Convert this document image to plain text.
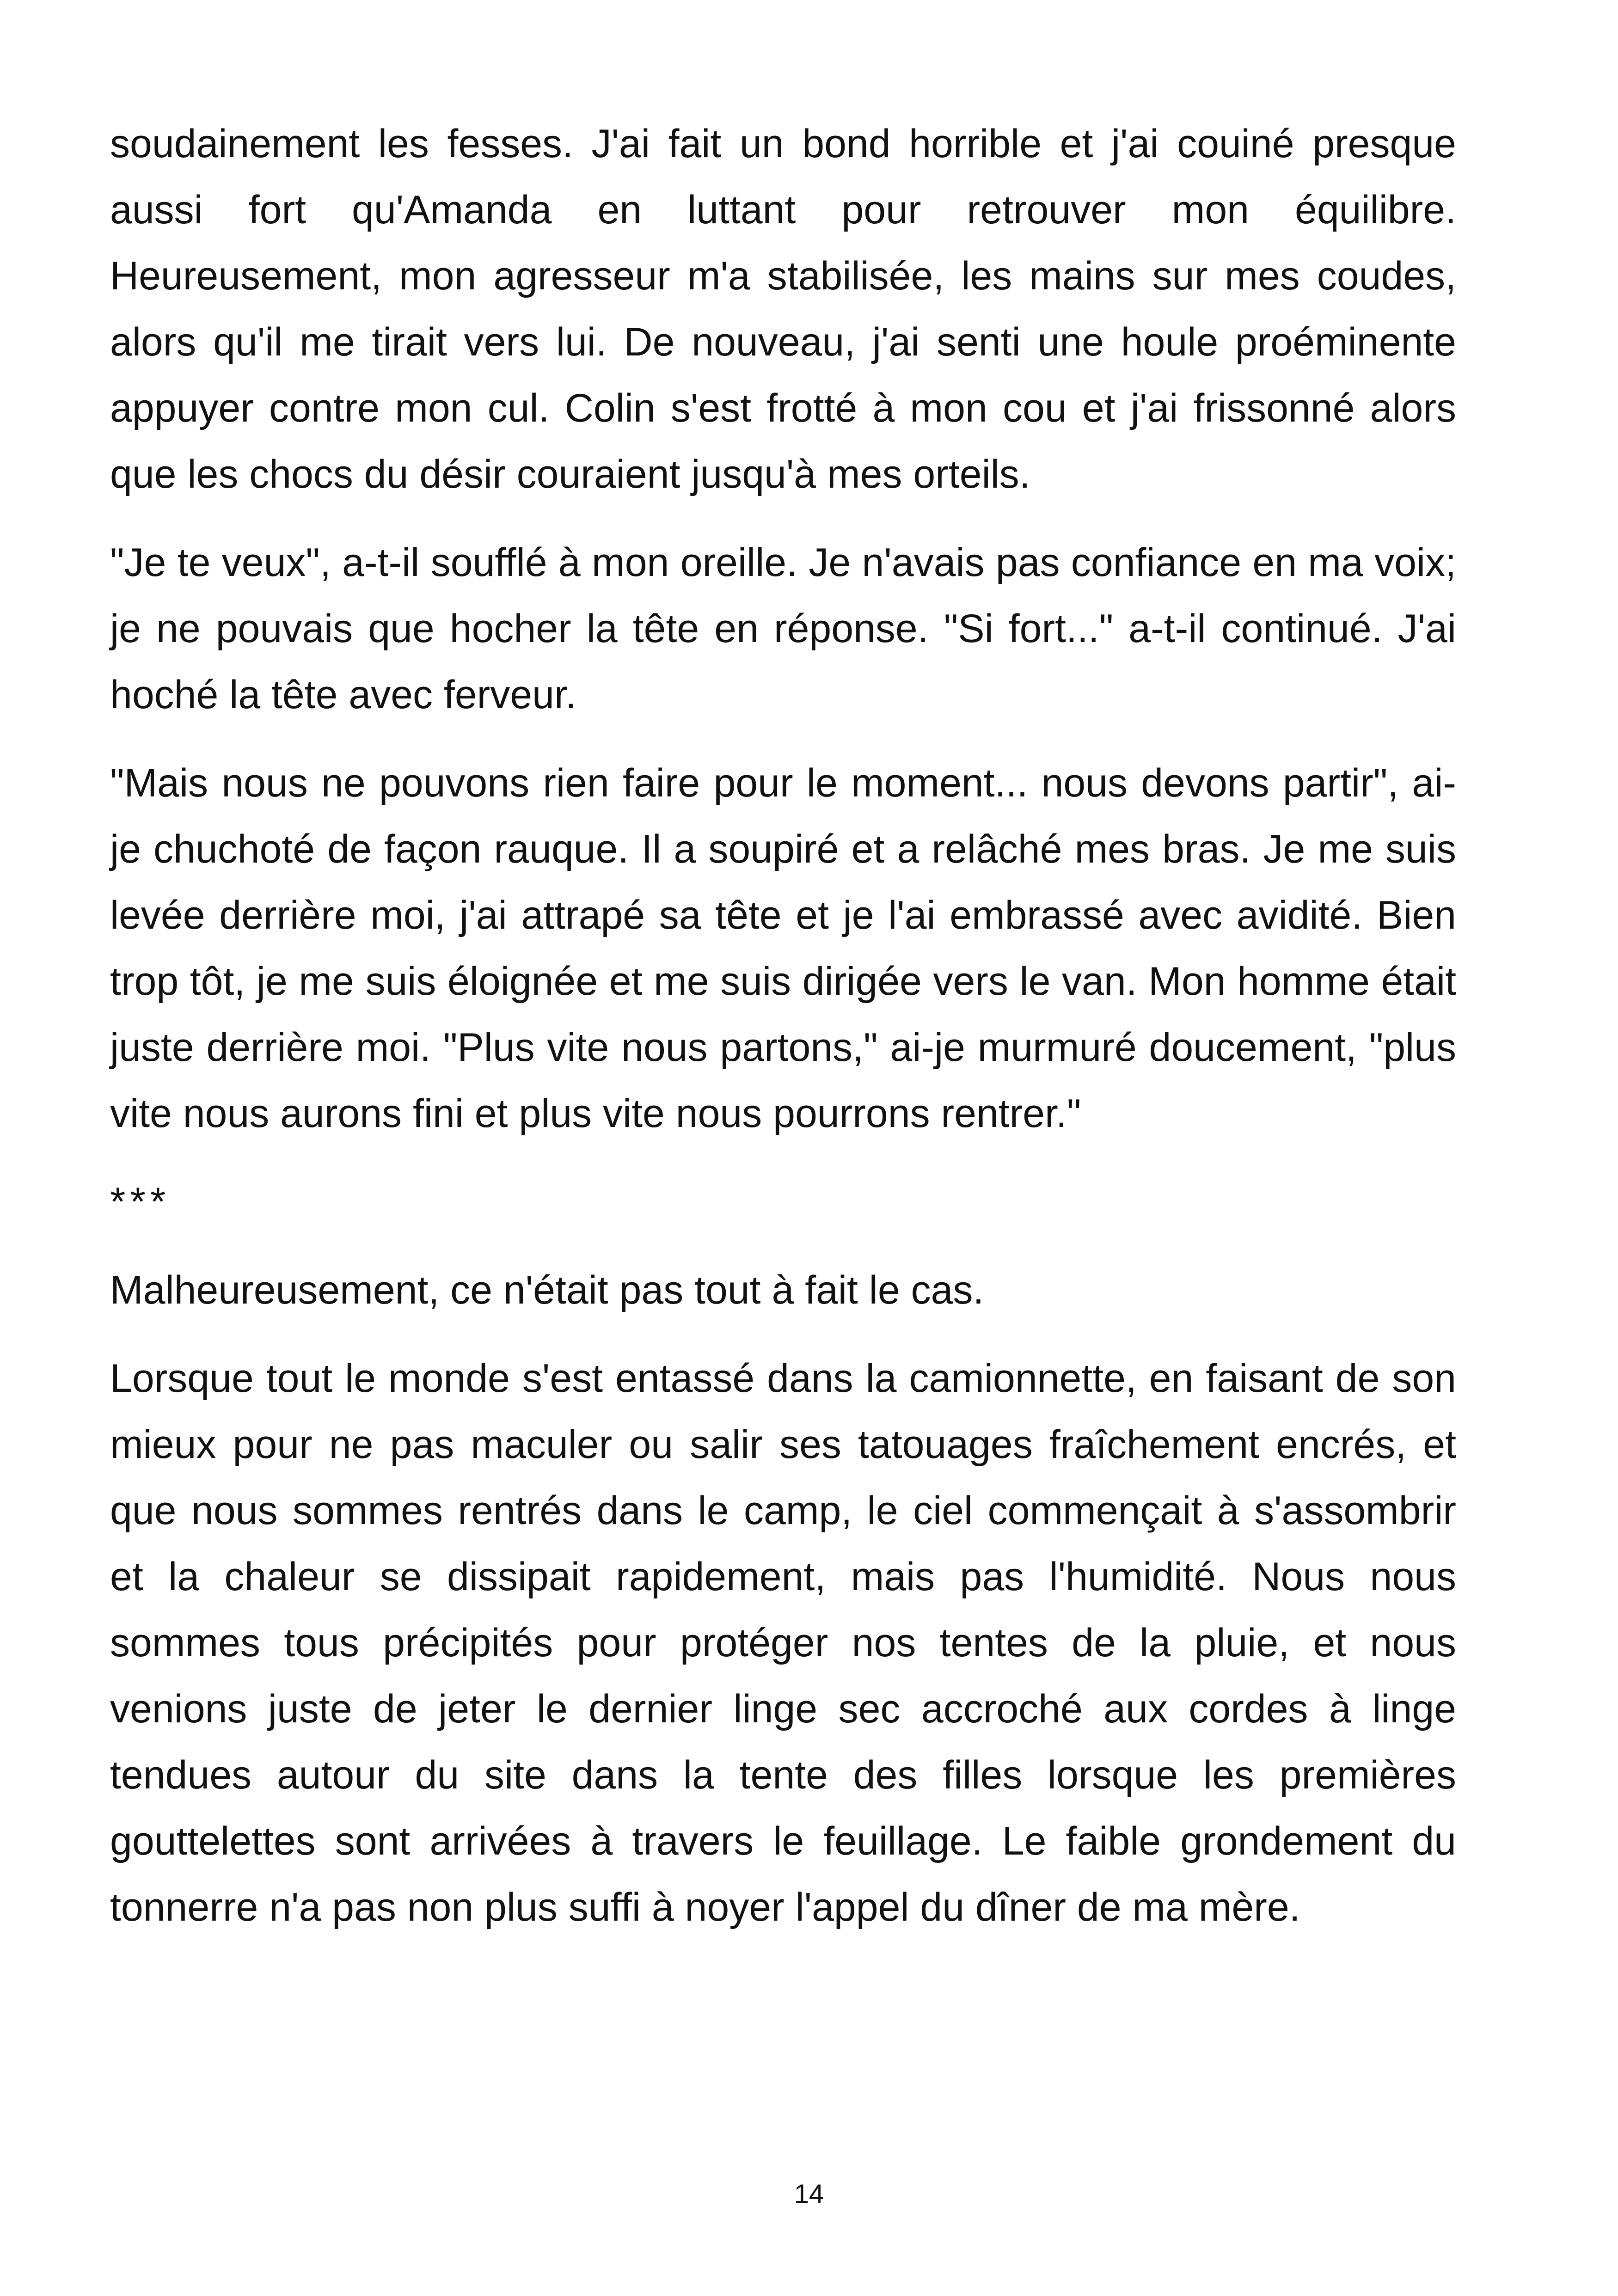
soudainement les fesses. J'ai fait un bond horrible et j'ai couiné presque aussi fort qu'Amanda en luttant pour retrouver mon équilibre. Heureusement, mon agresseur m'a stabilisée, les mains sur mes coudes, alors qu'il me tirait vers lui. De nouveau, j'ai senti une houle proéminente appuyer contre mon cul. Colin s'est frotté à mon cou et j'ai frissonné alors que les chocs du désir couraient jusqu'à mes orteils.

"Je te veux", a-t-il soufflé à mon oreille. Je n'avais pas confiance en ma voix; je ne pouvais que hocher la tête en réponse. "Si fort..." a-t-il continué. J'ai hoché la tête avec ferveur.

"Mais nous ne pouvons rien faire pour le moment... nous devons partir", ai-je chuchoté de façon rauque. Il a soupiré et a relâché mes bras. Je me suis levée derrière moi, j'ai attrapé sa tête et je l'ai embrassé avec avidité. Bien trop tôt, je me suis éloignée et me suis dirigée vers le van. Mon homme était juste derrière moi. "Plus vite nous partons," ai-je murmuré doucement, "plus vite nous aurons fini et plus vite nous pourrons rentrer."

***

Malheureusement, ce n'était pas tout à fait le cas.

Lorsque tout le monde s'est entassé dans la camionnette, en faisant de son mieux pour ne pas maculer ou salir ses tatouages fraîchement encrés, et que nous sommes rentrés dans le camp, le ciel commençait à s'assombrir et la chaleur se dissipait rapidement, mais pas l'humidité. Nous nous sommes tous précipités pour protéger nos tentes de la pluie, et nous venions juste de jeter le dernier linge sec accroché aux cordes à linge tendues autour du site dans la tente des filles lorsque les premières gouttelettes sont arrivées à travers le feuillage. Le faible grondement du tonnerre n'a pas non plus suffi à noyer l'appel du dîner de ma mère.

14
